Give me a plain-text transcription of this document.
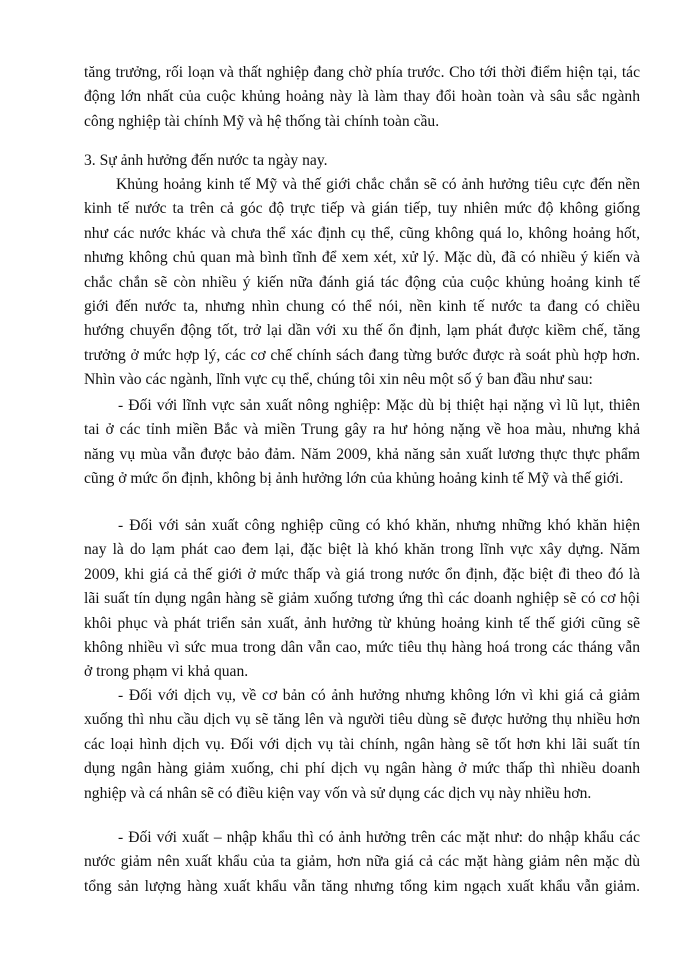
tăng trưởng, rối loạn và thất nghiệp đang chờ phía trước. Cho tới thời điểm hiện tại, tác
động lớn nhất của cuộc khủng hoảng này là làm thay đổi hoàn toàn và sâu sắc ngành
công nghiệp tài chính Mỹ và hệ thống tài chính toàn cầu.

3. Sự ảnh hưởng đến nước ta ngày nay.

Khủng hoảng kinh tế Mỹ và thế giới chắc chắn sẽ có ảnh hưởng tiêu cực đến nền
kinh tế nước ta trên cả góc độ trực tiếp và gián tiếp, tuy nhiên mức độ không giống
như các nước khác và chưa thể xác định cụ thể, cũng không quá lo, không hoảng hốt,
nhưng không chủ quan mà bình tĩnh để xem xét, xử lý. Mặc dù, đã có nhiều ý kiến và
chắc chắn sẽ còn nhiều ý kiến nữa đánh giá tác động của cuộc khủng hoảng kinh tế
giới đến nước ta, nhưng nhìn chung có thể nói, nền kinh tế nước ta đang có chiều
hướng chuyển động tốt, trở lại dần với xu thế ổn định, lạm phát được kiềm chế, tăng
trưởng ở mức hợp lý, các cơ chế chính sách đang từng bước được rà soát phù hợp hơn.
Nhìn vào các ngành, lĩnh vực cụ thể, chúng tôi xin nêu một số ý ban đầu như sau:

- Đối với lĩnh vực sản xuất nông nghiệp: Mặc dù bị thiệt hại nặng vì lũ lụt, thiên
tai ở các tỉnh miền Bắc và miền Trung gây ra hư hỏng nặng về hoa màu, nhưng khả
năng vụ mùa vẫn được bảo đảm. Năm 2009, khả năng sản xuất lương thực thực phẩm
cũng ở mức ổn định, không bị ảnh hưởng lớn của khủng hoảng kinh tế Mỹ và thế giới.

- Đối với sản xuất công nghiệp cũng có khó khăn, nhưng những khó khăn hiện
nay là do lạm phát cao đem lại, đặc biệt là khó khăn trong lĩnh vực xây dựng. Năm
2009, khi giá cả thế giới ở mức thấp và giá trong nước ổn định, đặc biệt đi theo đó là
lãi suất tín dụng ngân hàng sẽ giảm xuống tương ứng thì các doanh nghiệp sẽ có cơ hội
khôi phục và phát triển sản xuất, ảnh hưởng từ khủng hoảng kinh tế thế giới cũng sẽ
không nhiều vì sức mua trong dân vẫn cao, mức tiêu thụ hàng hoá trong các tháng vẫn
ở trong phạm vi khả quan.

- Đối với dịch vụ, về cơ bản có ảnh hưởng nhưng không lớn vì khi giá cả giảm
xuống thì nhu cầu dịch vụ sẽ tăng lên và người tiêu dùng sẽ được hưởng thụ nhiều hơn
các loại hình dịch vụ. Đối với dịch vụ tài chính, ngân hàng sẽ tốt hơn khi lãi suất tín
dụng ngân hàng giảm xuống, chi phí dịch vụ ngân hàng ở mức thấp thì nhiều doanh
nghiệp và cá nhân sẽ có điều kiện vay vốn và sử dụng các dịch vụ này nhiều hơn.

- Đối với xuất – nhập khẩu thì có ảnh hưởng trên các mặt như: do nhập khẩu các
nước giảm nên xuất khẩu của ta giảm, hơn nữa giá cả các mặt hàng giảm nên mặc dù
tổng sản lượng hàng xuất khẩu vẫn tăng nhưng tổng kim ngạch xuất khẩu vẫn giảm.
